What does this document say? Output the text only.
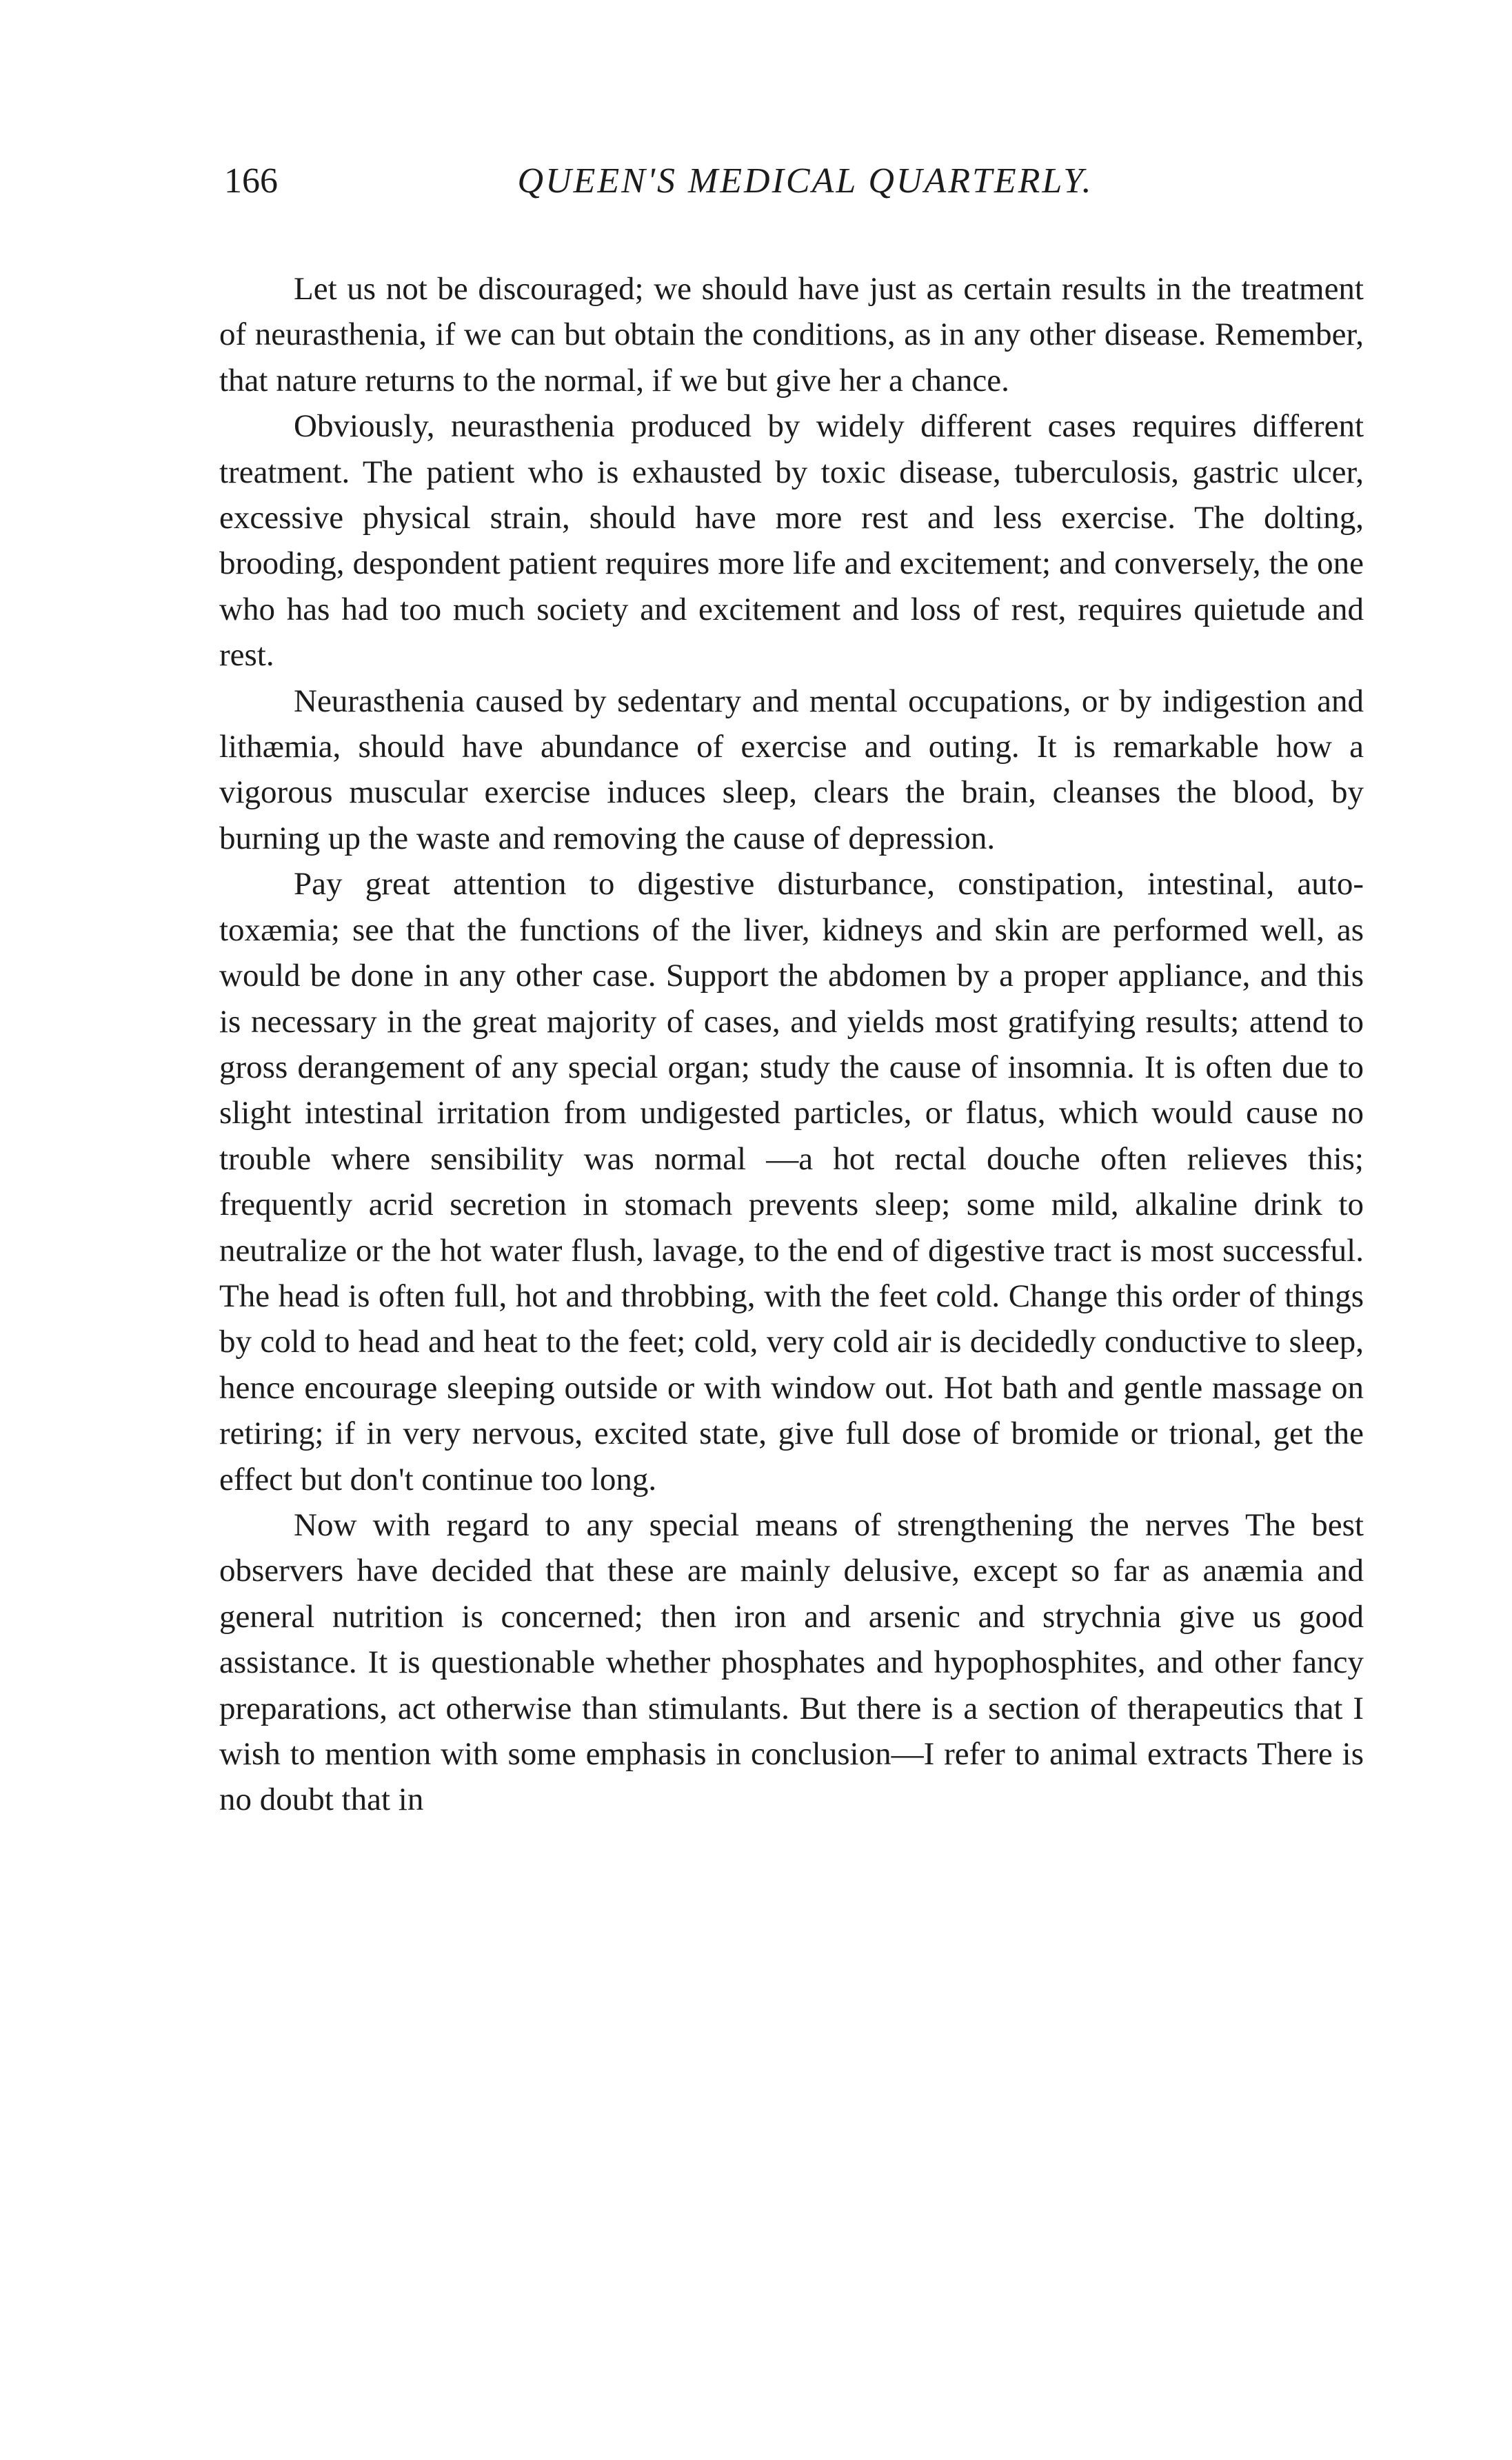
166	QUEEN'S MEDICAL QUARTERLY.

Let us not be discouraged; we should have just as certain results in the treatment of neurasthenia, if we can but obtain the conditions, as in any other disease. Remember, that nature returns to the normal, if we but give her a chance.

Obviously, neurasthenia produced by widely different cases requires different treatment. The patient who is exhausted by toxic disease, tuberculosis, gastric ulcer, excessive physical strain, should have more rest and less exercise. The dolting, brooding, despondent patient requires more life and excitement; and conversely, the one who has had too much society and excitement and loss of rest, requires quietude and rest.

Neurasthenia caused by sedentary and mental occupations, or by indigestion and lithæmia, should have abundance of exercise and outing. It is remarkable how a vigorous muscular exercise induces sleep, clears the brain, cleanses the blood, by burning up the waste and removing the cause of depression.

Pay great attention to digestive disturbance, constipation, intestinal, auto-toxæmia; see that the functions of the liver, kidneys and skin are performed well, as would be done in any other case. Support the abdomen by a proper appliance, and this is necessary in the great majority of cases, and yields most gratifying results; attend to gross derangement of any special organ; study the cause of insomnia. It is often due to slight intestinal irritation from undigested particles, or flatus, which would cause no trouble where sensibility was normal —a hot rectal douche often relieves this; frequently acrid secretion in stomach prevents sleep; some mild, alkaline drink to neutralize or the hot water flush, lavage, to the end of digestive tract is most successful. The head is often full, hot and throbbing, with the feet cold. Change this order of things by cold to head and heat to the feet; cold, very cold air is decidedly conductive to sleep, hence encourage sleeping outside or with window out. Hot bath and gentle massage on retiring; if in very nervous, excited state, give full dose of bromide or trional, get the effect but don't continue too long.

Now with regard to any special means of strengthening the nerves The best observers have decided that these are mainly delusive, except so far as anæmia and general nutrition is concerned; then iron and arsenic and strychnia give us good assistance. It is questionable whether phosphates and hypophosphites, and other fancy preparations, act otherwise than stimulants. But there is a section of therapeutics that I wish to mention with some emphasis in conclusion—I refer to animal extracts There is no doubt that in
